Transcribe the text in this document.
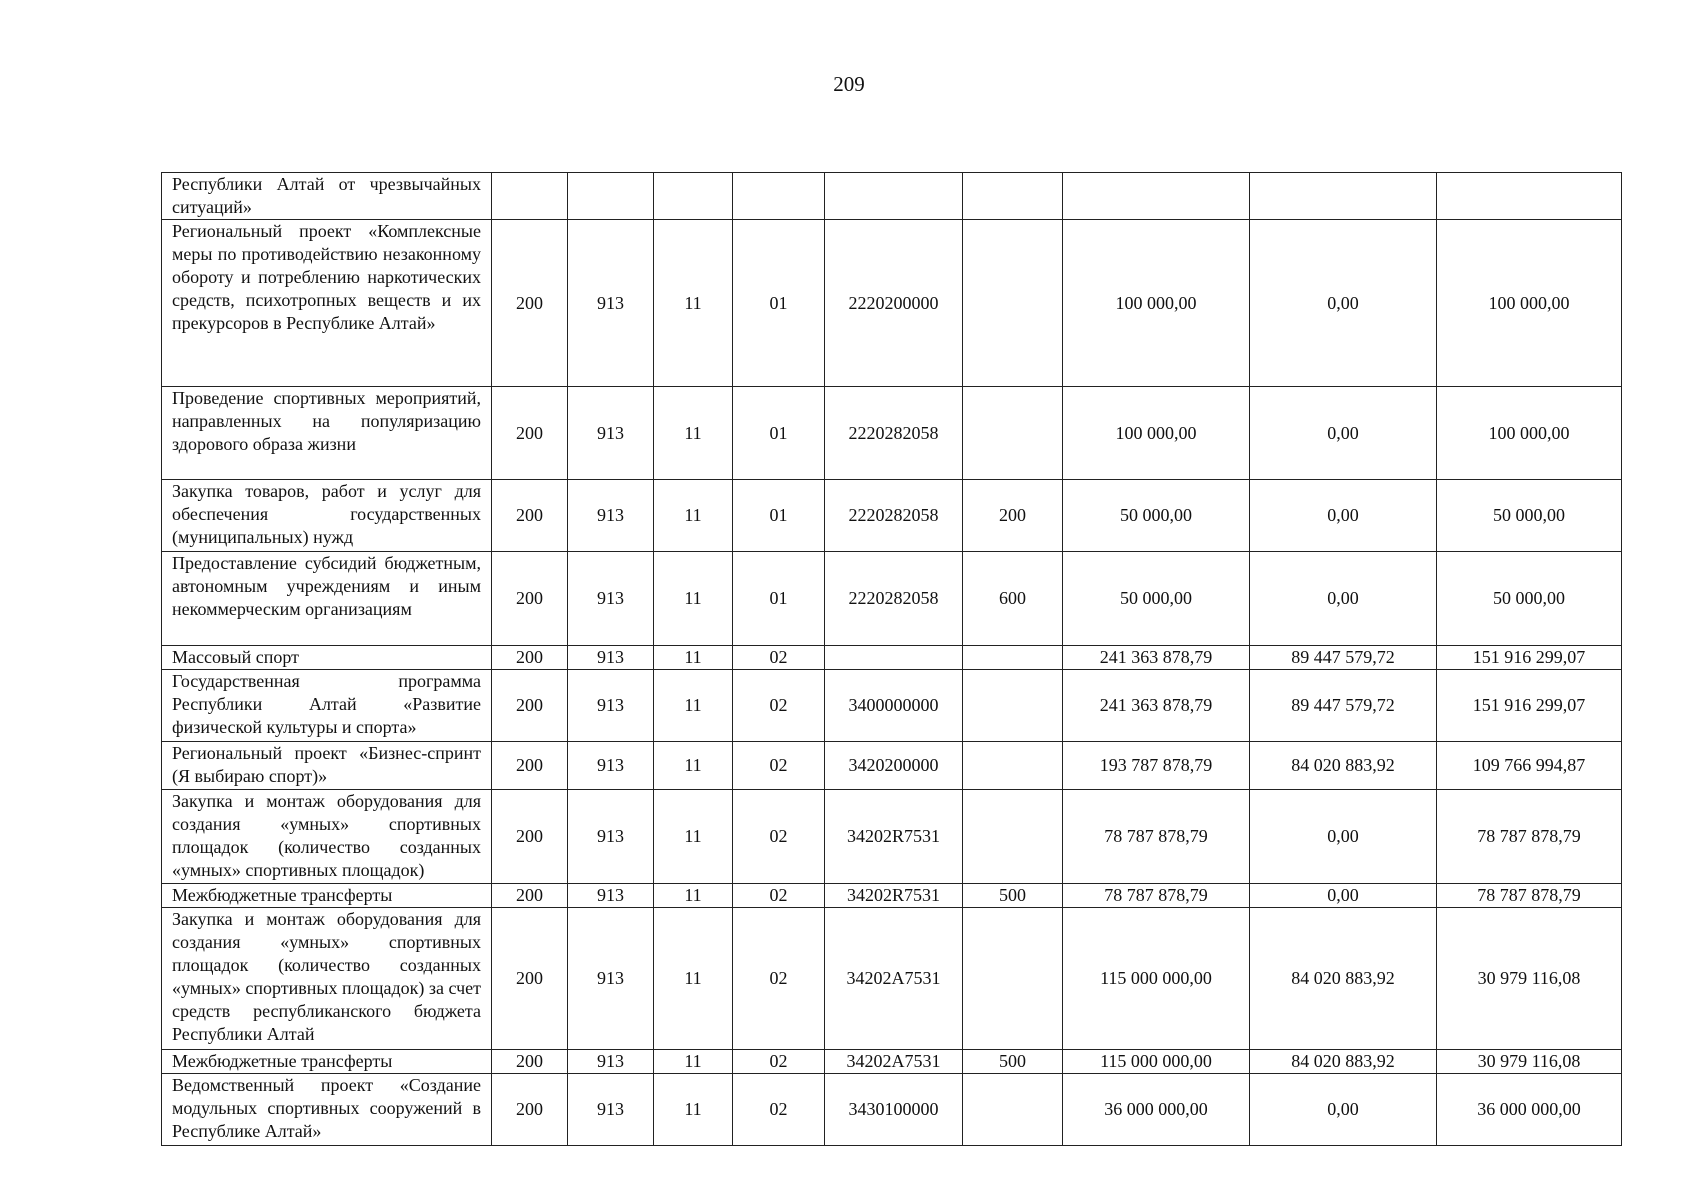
209
Республики Алтай от чрезвычайных ситуаций»									
Региональный проект «Комплексные меры по противодействию незаконному обороту и потреблению наркотических средств, психотропных веществ и их прекурсоров в Республике Алтай»	200	913	11	01	2220200000		100 000,00	0,00	100 000,00
Проведение спортивных мероприятий, направленных на популяризацию здорового образа жизни	200	913	11	01	2220282058		100 000,00	0,00	100 000,00
Закупка товаров, работ и услуг для обеспечения государственных (муниципальных) нужд	200	913	11	01	2220282058	200	50 000,00	0,00	50 000,00
Предоставление субсидий бюджетным, автономным учреждениям и иным некоммерческим организациям	200	913	11	01	2220282058	600	50 000,00	0,00	50 000,00
Массовый спорт	200	913	11	02			241 363 878,79	89 447 579,72	151 916 299,07
Государственная программа Республики Алтай «Развитие физической культуры и спорта»	200	913	11	02	3400000000		241 363 878,79	89 447 579,72	151 916 299,07
Региональный проект «Бизнес-спринт (Я выбираю спорт)»	200	913	11	02	3420200000		193 787 878,79	84 020 883,92	109 766 994,87
Закупка и монтаж оборудования для создания «умных» спортивных площадок (количество созданных «умных» спортивных площадок)	200	913	11	02	34202R7531		78 787 878,79	0,00	78 787 878,79
Межбюджетные трансферты	200	913	11	02	34202R7531	500	78 787 878,79	0,00	78 787 878,79
Закупка и монтаж оборудования для создания «умных» спортивных площадок (количество созданных «умных» спортивных площадок) за счет средств республиканского бюджета Республики Алтай	200	913	11	02	34202A7531		115 000 000,00	84 020 883,92	30 979 116,08
Межбюджетные трансферты	200	913	11	02	34202A7531	500	115 000 000,00	84 020 883,92	30 979 116,08
Ведомственный проект «Создание модульных спортивных сооружений в Республике Алтай»	200	913	11	02	3430100000		36 000 000,00	0,00	36 000 000,00
